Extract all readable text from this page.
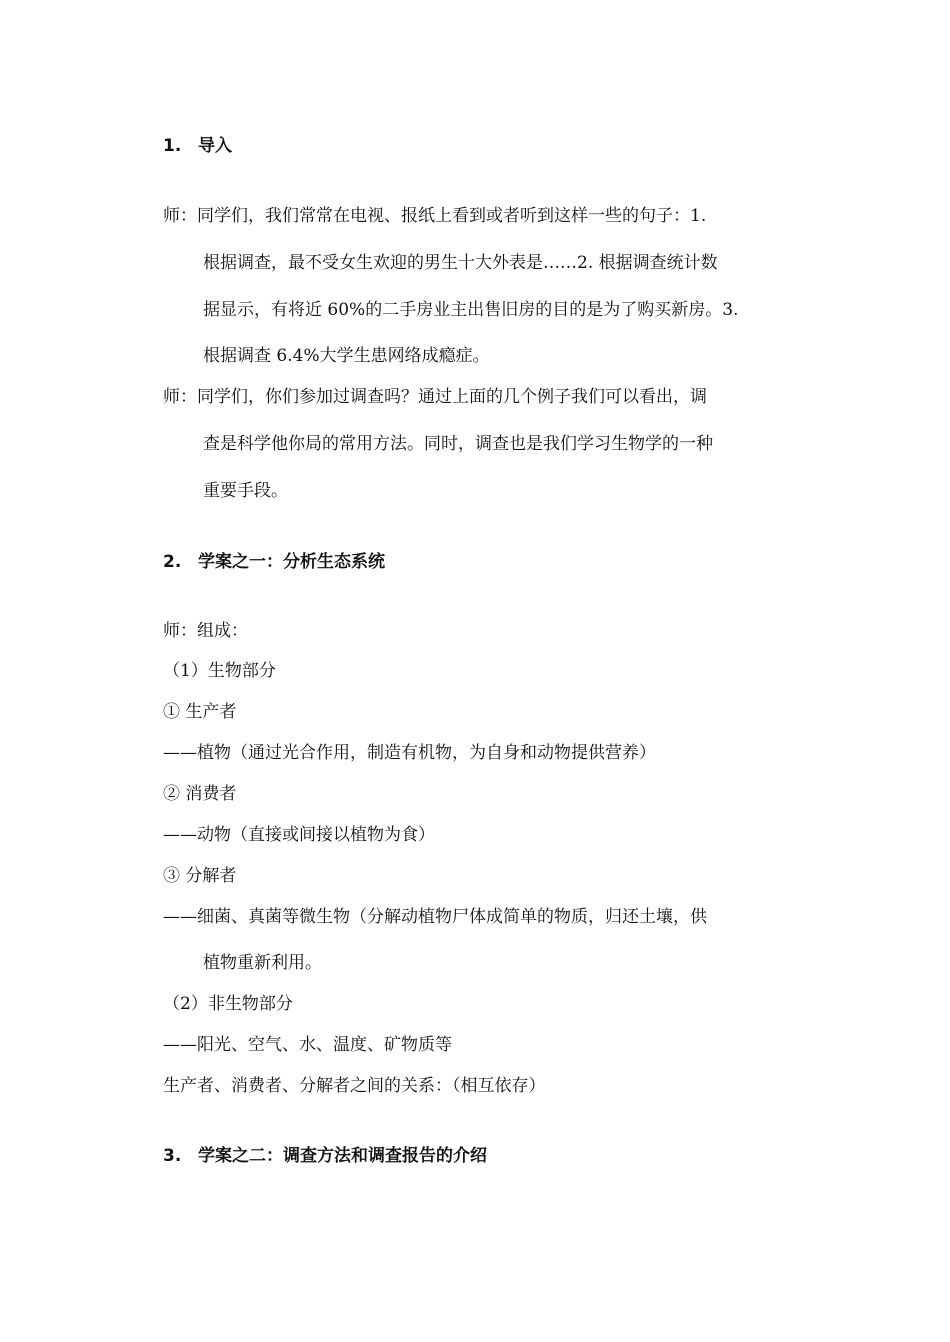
1. 导入
师：同学们，我们常常在电视、报纸上看到或者听到这样一些的句子：1.
根据调查，最不受女生欢迎的男生十大外表是……2. 根据调查统计数
据显示，有将近 60%的二手房业主出售旧房的目的是为了购买新房。3.
根据调查 6.4%大学生患网络成瘾症。
师：同学们，你们参加过调查吗？通过上面的几个例子我们可以看出，调
查是科学他你局的常用方法。同时，调查也是我们学习生物学的一种
重要手段。
2. 学案之一：分析生态系统
师：组成：
（1）生物部分
① 生产者
——植物（通过光合作用，制造有机物，为自身和动物提供营养）
② 消费者
——动物（直接或间接以植物为食）
③ 分解者
——细菌、真菌等微生物（分解动植物尸体成简单的物质，归还土壤，供
植物重新利用。
（2）非生物部分
——阳光、空气、水、温度、矿物质等
生产者、消费者、分解者之间的关系：（相互依存）
3. 学案之二：调查方法和调查报告的介绍
